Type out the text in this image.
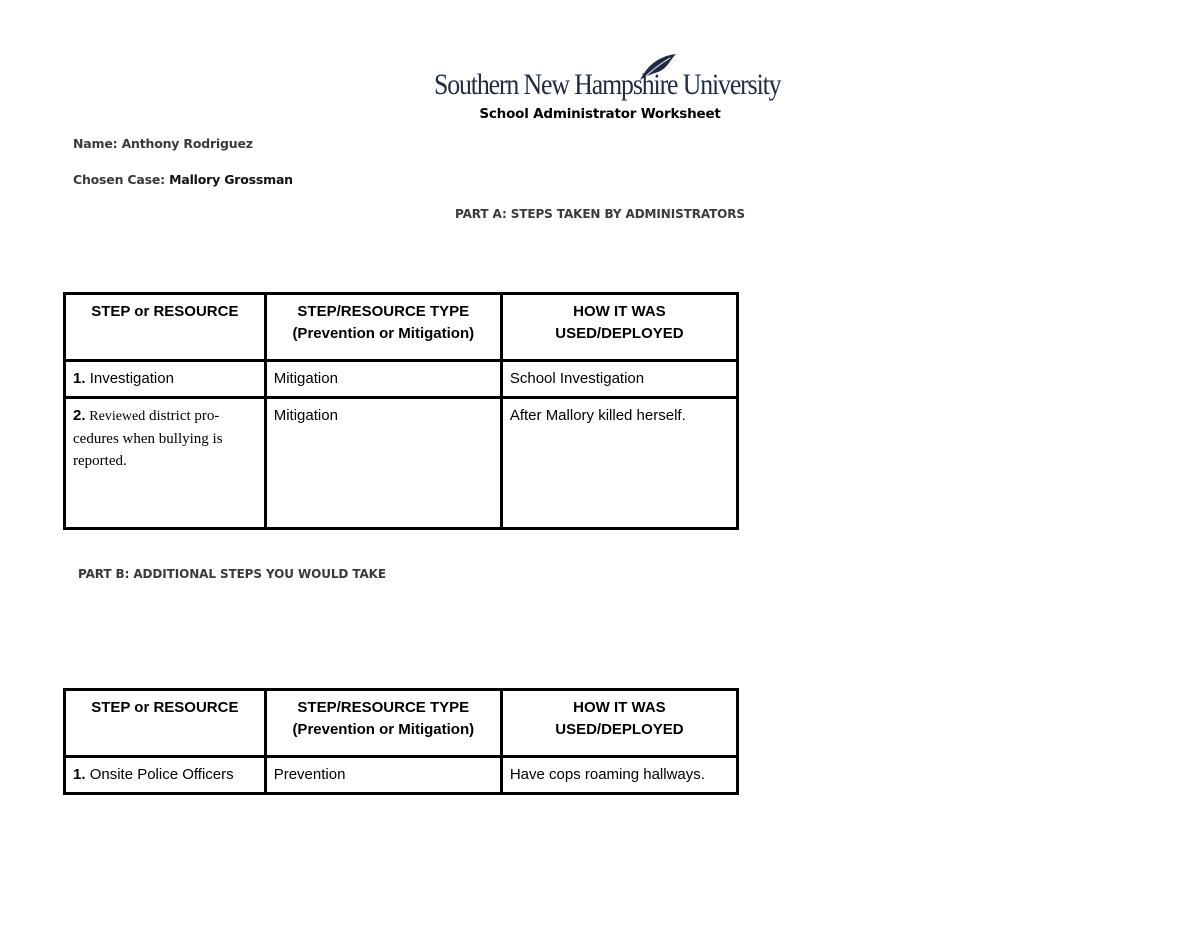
Southern New Hampshire University
School Administrator Worksheet
Name: Anthony Rodriguez
Chosen Case: Mallory Grossman
PART A: STEPS TAKEN BY ADMINISTRATORS
STEP or RESOURCE	STEP/RESOURCE TYPE (Prevention or Mitigation)	HOW IT WAS USED/DEPLOYED
1. Investigation	Mitigation	School Investigation
2. Reviewed district pro- cedures when bullying is reported.	Mitigation	After Mallory killed herself.
PART B: ADDITIONAL STEPS YOU WOULD TAKE
STEP or RESOURCE	STEP/RESOURCE TYPE (Prevention or Mitigation)	HOW IT WAS USED/DEPLOYED
1. Onsite Police Officers	Prevention	Have cops roaming hallways.
